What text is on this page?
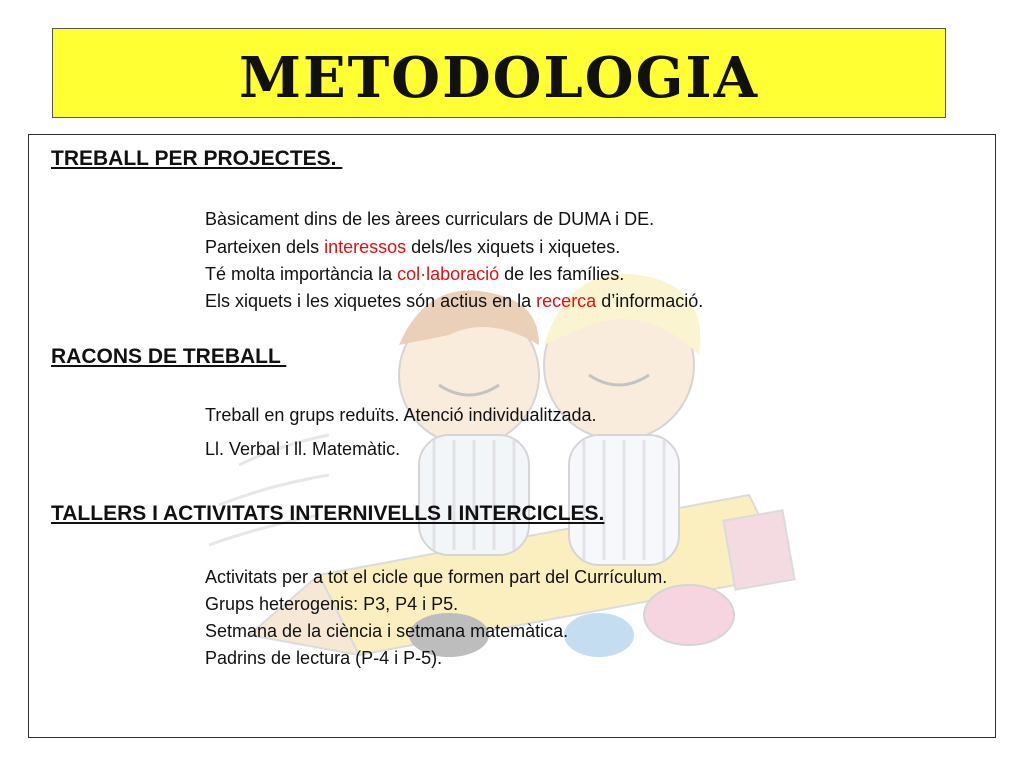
METODOLOGIA
TREBALL PER PROJECTES.
Bàsicament dins de les àrees curriculars de DUMA i DE.
Parteixen dels interessos dels/les xiquets i xiquetes.
Té molta importància la col·laboració de les famílies.
Els xiquets i les xiquetes són actius en la recerca d’informació.
RACONS DE TREBALL
Treball en grups reduïts. Atenció individualitzada.
Ll. Verbal i ll. Matemàtic.
TALLERS I ACTIVITATS INTERNIVELLS I INTERCICLES.
Activitats per a tot el cicle que formen part del Currículum.
Grups heterogenis: P3, P4 i P5.
Setmana de la ciència i setmana matemàtica.
Padrins de lectura (P-4 i P-5).
